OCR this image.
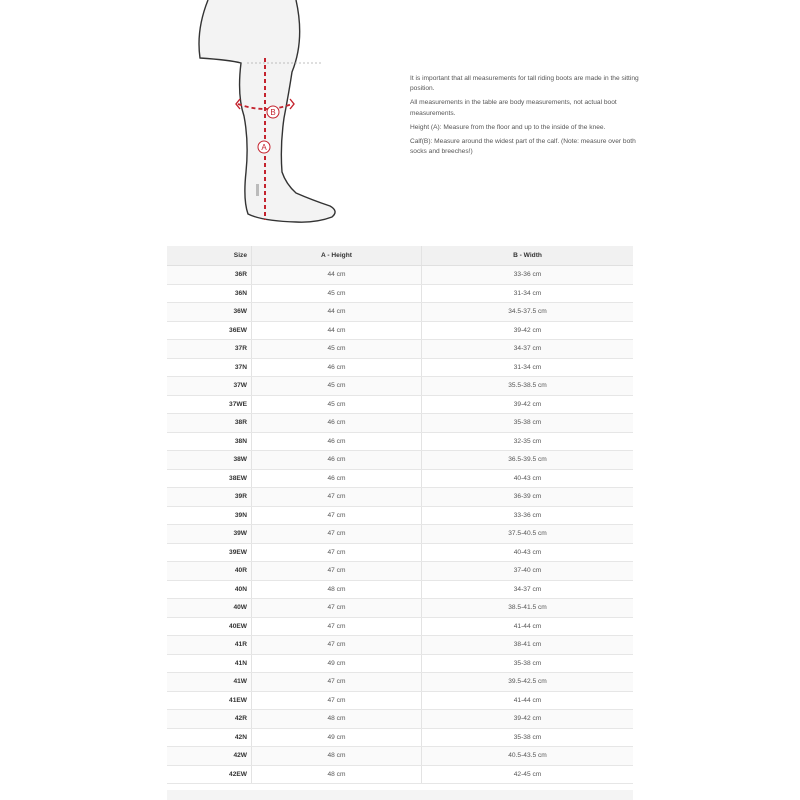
B
A

It is important that all measurements for tall riding boots are made in the sitting position.

All measurements in the table are body measurements, not actual boot measurements.

Height (A): Measure from the floor and up to the inside of the knee.

Calf(B): Measure around the widest part of the calf. (Note: measure over both socks and breeches!)

Size	A - Height	B - Width
36R	44 cm	33-36 cm
36N	45 cm	31-34 cm
36W	44 cm	34.5-37.5 cm
36EW	44 cm	39-42 cm
37R	45 cm	34-37 cm
37N	46 cm	31-34 cm
37W	45 cm	35.5-38.5 cm
37WE	45 cm	39-42 cm
38R	46 cm	35-38 cm
38N	46 cm	32-35 cm
38W	46 cm	36.5-39.5 cm
38EW	46 cm	40-43 cm
39R	47 cm	36-39 cm
39N	47 cm	33-36 cm
39W	47 cm	37.5-40.5 cm
39EW	47 cm	40-43 cm
40R	47 cm	37-40 cm
40N	48 cm	34-37 cm
40W	47 cm	38.5-41.5 cm
40EW	47 cm	41-44 cm
41R	47 cm	38-41 cm
41N	49 cm	35-38 cm
41W	47 cm	39.5-42.5 cm
41EW	47 cm	41-44 cm
42R	48 cm	39-42 cm
42N	49 cm	35-38 cm
42W	48 cm	40.5-43.5 cm
42EW	48 cm	42-45 cm
